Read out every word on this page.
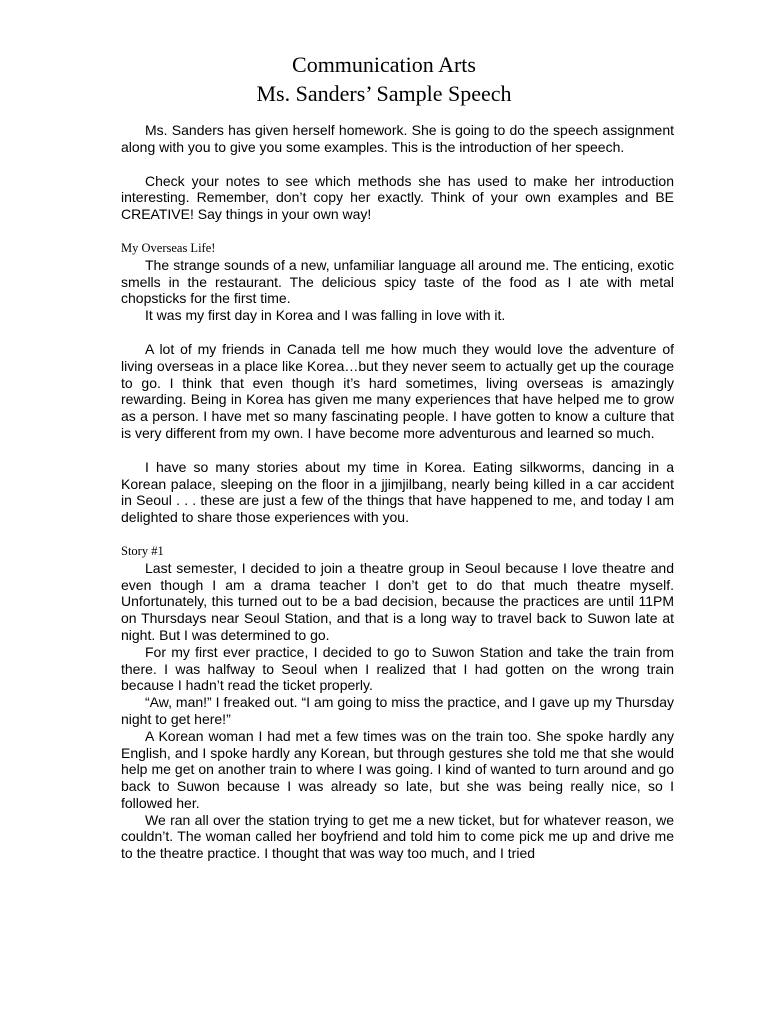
Communication Arts
Ms. Sanders’ Sample Speech

Ms. Sanders has given herself homework. She is going to do the speech assignment along with you to give you some examples. This is the introduction of her speech.

Check your notes to see which methods she has used to make her introduction interesting. Remember, don’t copy her exactly. Think of your own examples and BE CREATIVE! Say things in your own way!

My Overseas Life!

The strange sounds of a new, unfamiliar language all around me. The enticing, exotic smells in the restaurant. The delicious spicy taste of the food as I ate with metal chopsticks for the first time.

It was my first day in Korea and I was falling in love with it.

A lot of my friends in Canada tell me how much they would love the adventure of living overseas in a place like Korea…but they never seem to actually get up the courage to go. I think that even though it’s hard sometimes, living overseas is amazingly rewarding. Being in Korea has given me many experiences that have helped me to grow as a person. I have met so many fascinating people. I have gotten to know a culture that is very different from my own. I have become more adventurous and learned so much.

I have so many stories about my time in Korea. Eating silkworms, dancing in a Korean palace, sleeping on the floor in a jjimjilbang, nearly being killed in a car accident in Seoul . . . these are just a few of the things that have happened to me, and today I am delighted to share those experiences with you.

Story #1

Last semester, I decided to join a theatre group in Seoul because I love theatre and even though I am a drama teacher I don’t get to do that much theatre myself. Unfortunately, this turned out to be a bad decision, because the practices are until 11PM on Thursdays near Seoul Station, and that is a long way to travel back to Suwon late at night. But I was determined to go.

For my first ever practice, I decided to go to Suwon Station and take the train from there. I was halfway to Seoul when I realized that I had gotten on the wrong train because I hadn’t read the ticket properly.

“Aw, man!” I freaked out. “I am going to miss the practice, and I gave up my Thursday night to get here!”

A Korean woman I had met a few times was on the train too. She spoke hardly any English, and I spoke hardly any Korean, but through gestures she told me that she would help me get on another train to where I was going. I kind of wanted to turn around and go back to Suwon because I was already so late, but she was being really nice, so I followed her.

We ran all over the station trying to get me a new ticket, but for whatever reason, we couldn’t. The woman called her boyfriend and told him to come pick me up and drive me to the theatre practice. I thought that was way too much, and I tried
